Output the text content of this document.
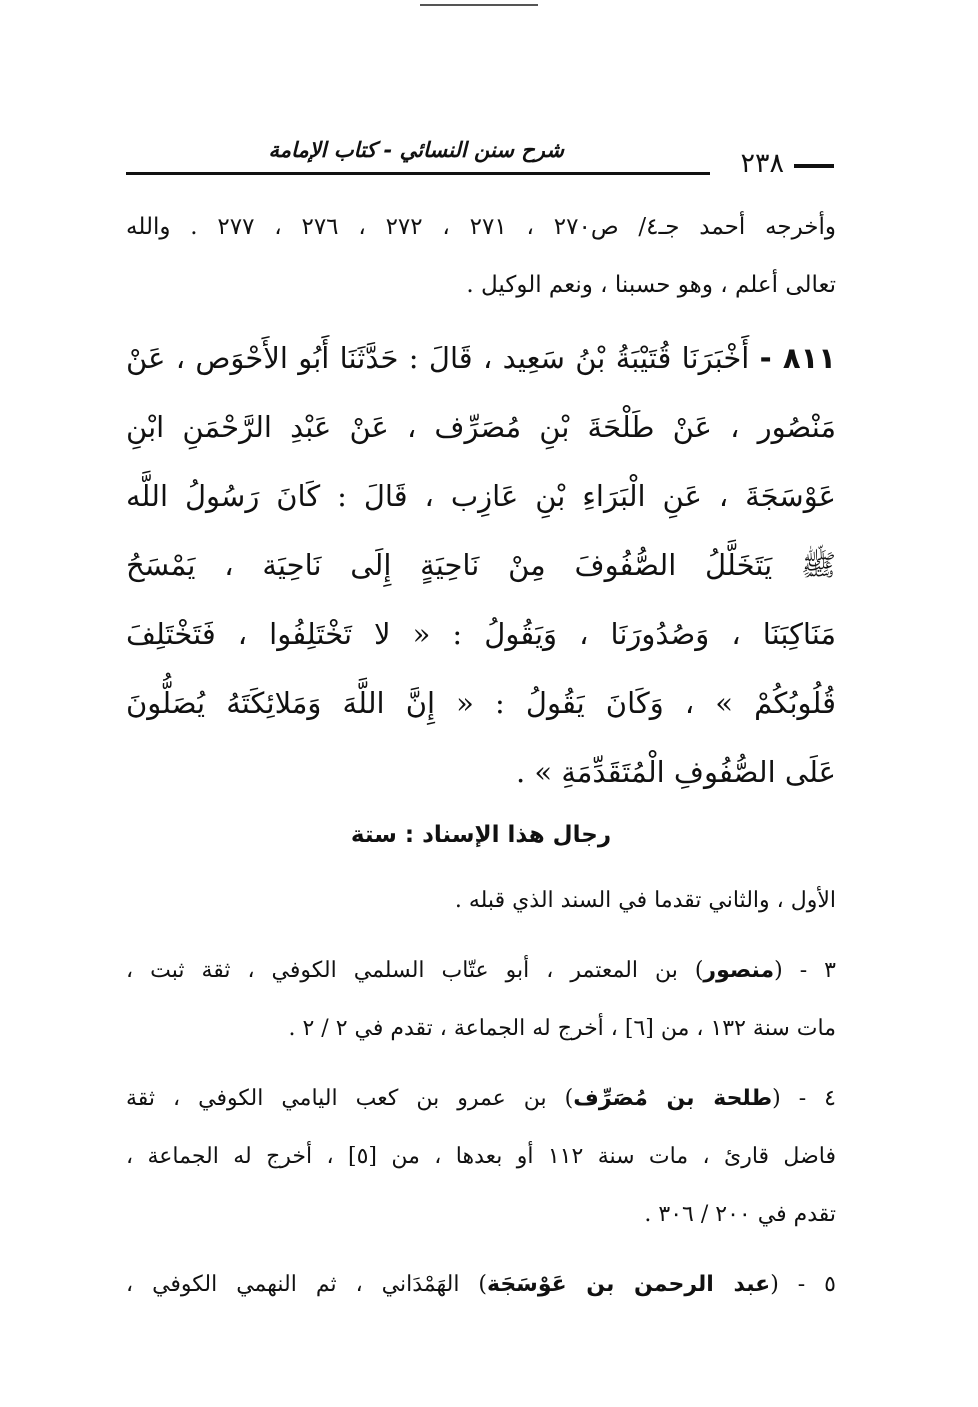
شرح سنن النسائي - كتاب الإمامة	٢٣٨
وأخرجه أحمد جـ٤/ ص٢٧٠ ، ٢٧١ ، ٢٧٢ ، ٢٧٦ ، ٢٧٧ . والله
تعالى أعلم ، وهو حسبنا ، ونعم الوكيل .
٨١١ - أَخْبَرَنَا قُتَيْبَةُ بْنُ سَعِيد ، قَالَ : حَدَّثَنَا أَبُو الأَحْوَص ، عَنْ
مَنْصُور ، عَنْ طَلْحَةَ بْنِ مُصَرِّف ، عَنْ عَبْدِ الرَّحْمَنِ ابْنِ
عَوْسَجَةَ ، عَنِ الْبَرَاءِ بْنِ عَازِب ، قَالَ : كَانَ رَسُولُ اللَّه
ﷺ يَتَخَلَّلُ الصُّفُوفَ مِنْ نَاحِيَةٍ إِلَى نَاحِيَة ، يَمْسَحُ
مَنَاكِبَنَا ، وَصُدُورَنَا ، وَيَقُولُ : « لا تَخْتَلِفُوا ، فَتَخْتَلِفَ
قُلُوبُكُمْ » ، وَكَانَ يَقُولُ : « إِنَّ اللَّهَ وَمَلائِكَتَهُ يُصَلُّونَ
عَلَى الصُّفُوفِ الْمُتَقَدِّمَةِ » .
رجال هذا الإسناد : ستة
الأول ، والثاني تقدما في السند الذي قبله .
٣ - (منصور) بن المعتمر ، أبو عتّاب السلمي الكوفي ، ثقة ثبت ،
مات سنة ١٣٢ ، من [٦] ، أخرج له الجماعة ، تقدم في ٢ / ٢ .
٤ - (طلحة بن مُصَرِّف) بن عمرو بن كعب اليامي الكوفي ، ثقة
فاضل قارئ ، مات سنة ١١٢ أو بعدها ، من [٥] ، أخرج له الجماعة ،
تقدم في ٢٠٠ / ٣٠٦ .
٥ - (عبد الرحمن بن عَوْسَجَة) الهَمْدَاني ، ثم النهمي الكوفي ،
